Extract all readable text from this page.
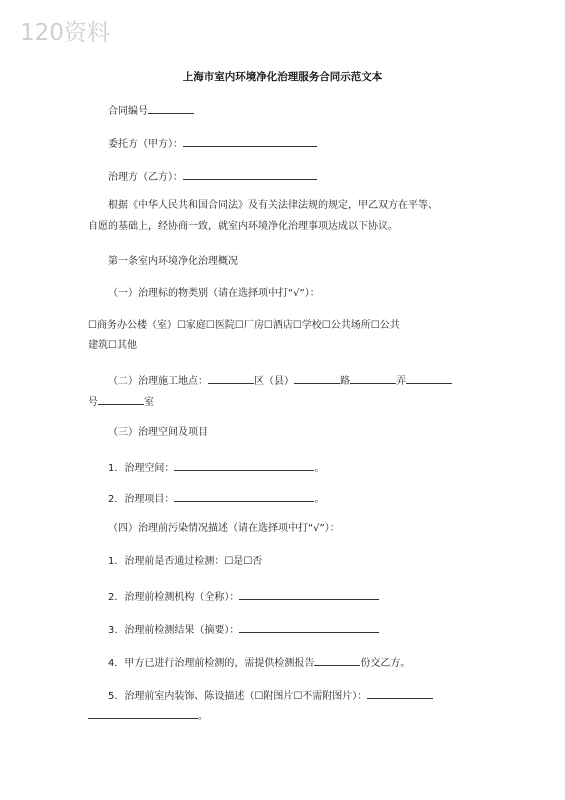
120资料
上海市室内环境净化治理服务合同示范文本
合同编号
委托方（甲方）：
治理方（乙方）：
根据《中华人民共和国合同法》及有关法律法规的规定，甲乙双方在平等、
自愿的基础上，经协商一致，就室内环境净化治理事项达成以下协议。
第一条室内环境净化治理概况
（一）治理标的物类别（请在选择项中打“√”）：
☐商务办公楼（室）☐家庭☐医院☐厂房☐酒店☐学校☐公共场所☐公共
建筑☐其他
（二）治理施工地点：	区（县）	路	弄
号	室
（三）治理空间及项目
1．治理空间：	。
2．治理项目：	。
（四）治理前污染情况描述（请在选择项中打“√”）：
1．治理前是否通过检测：☐是☐否
2．治理前检测机构（全称）：
3．治理前检测结果（摘要）：
4．甲方已进行治理前检测的，需提供检测报告	份交乙方。
5．治理前室内装饰、陈设描述（☐附图片☐不需附图片）：
。
